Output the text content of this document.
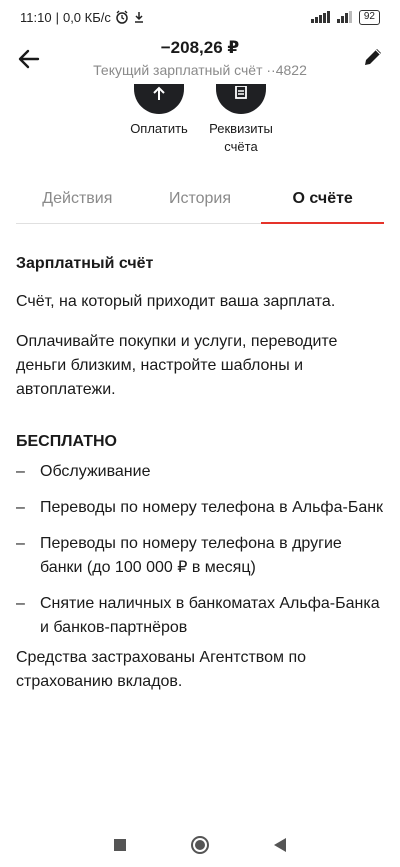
11:10 | 0,0 КБ/с	92
−208,26 ₽
Текущий зарплатный счёт ··4822
Оплатить	Реквизиты счёта
Действия	История	О счёте
Зарплатный счёт
Счёт, на который приходит ваша зарплата.
Оплачивайте покупки и услуги, переводите деньги близким, настройте шаблоны и автоплатежи.
БЕСПЛАТНО
– Обслуживание
– Переводы по номеру телефона в Альфа-Банк
– Переводы по номеру телефона в другие банки (до 100 000 ₽ в месяц)
– Снятие наличных в банкоматах Альфа-Банка и банков-партнёров
Средства застрахованы Агентством по страхованию вкладов.
